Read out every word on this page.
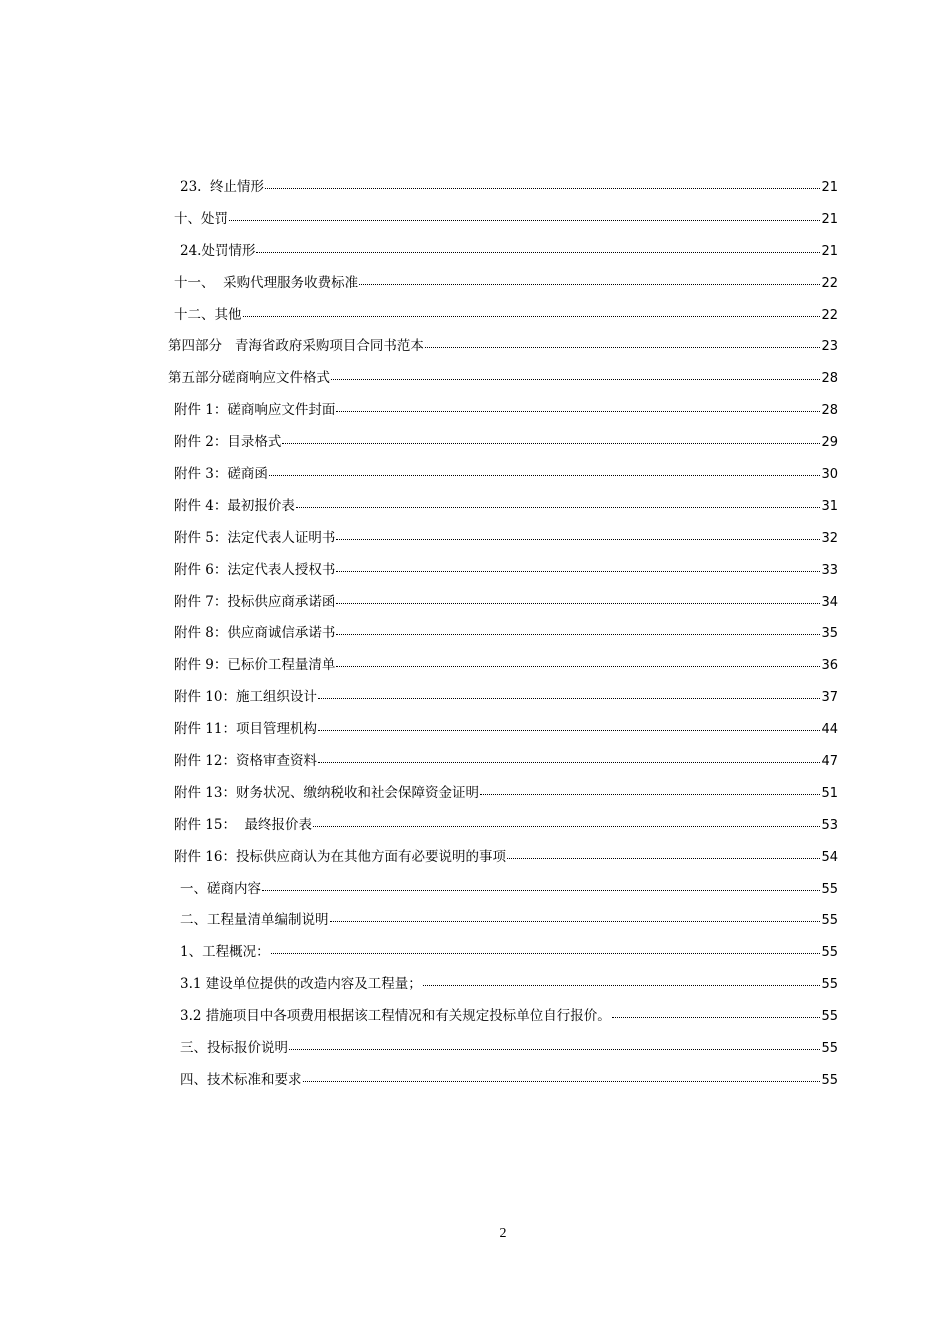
23.  终止情形	21
十、处罚	21
24.处罚情形	21
十一、  采购代理服务收费标准	22
十二、其他	22
第四部分   青海省政府采购项目合同书范本	23
第五部分磋商响应文件格式	28
附件 1：磋商响应文件封面	28
附件 2：目录格式	29
附件 3：磋商函	30
附件 4：最初报价表	31
附件 5：法定代表人证明书	32
附件 6：法定代表人授权书	33
附件 7：投标供应商承诺函	34
附件 8：供应商诚信承诺书	35
附件 9：已标价工程量清单	36
附件 10：施工组织设计	37
附件 11：项目管理机构	44
附件 12：资格审查资料	47
附件 13：财务状况、缴纳税收和社会保障资金证明	51
附件 15：  最终报价表	53
附件 16：投标供应商认为在其他方面有必要说明的事项	54
一、磋商内容	55
二、工程量清单编制说明	55
1、工程概况：	55
3.1 建设单位提供的改造内容及工程量；	55
3.2 措施项目中各项费用根据该工程情况和有关规定投标单位自行报价。	55
三、投标报价说明	55
四、技术标准和要求	55
2
